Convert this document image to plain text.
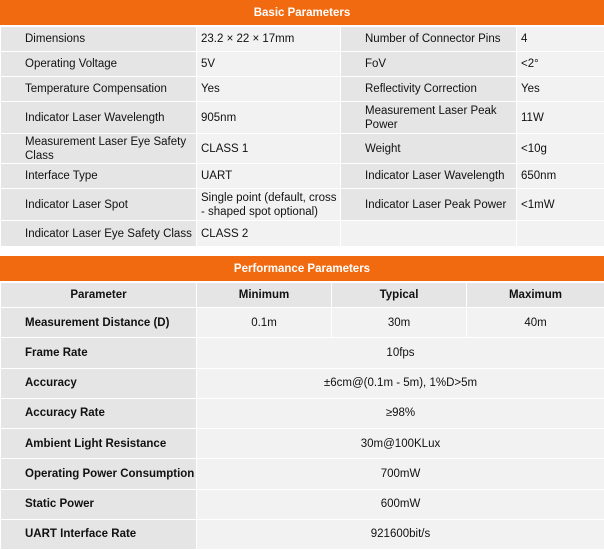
Basic Parameters
Dimensions	23.2 × 22 × 17mm	Number of Connector Pins	4
Operating Voltage	5V	FoV	<2°
Temperature Compensation	Yes	Reflectivity Correction	Yes
Indicator Laser Wavelength	905nm	Measurement Laser Peak Power	11W
Measurement Laser Eye Safety Class	CLASS 1	Weight	<10g
Interface Type	UART	Indicator Laser Wavelength	650nm
Indicator Laser Spot	Single point (default, cross - shaped spot optional)	Indicator Laser Peak Power	<1mW
Indicator Laser Eye Safety Class	CLASS 2		
Performance Parameters
Parameter	Minimum	Typical	Maximum
Measurement Distance (D)	0.1m	30m	40m
Frame Rate	10fps		
Accuracy	±6cm@(0.1m - 5m), 1%D>5m		
Accuracy Rate	≥98%		
Ambient Light Resistance	30m@100KLux		
Operating Power Consumption	700mW		
Static Power	600mW		
UART Interface Rate	921600bit/s		
